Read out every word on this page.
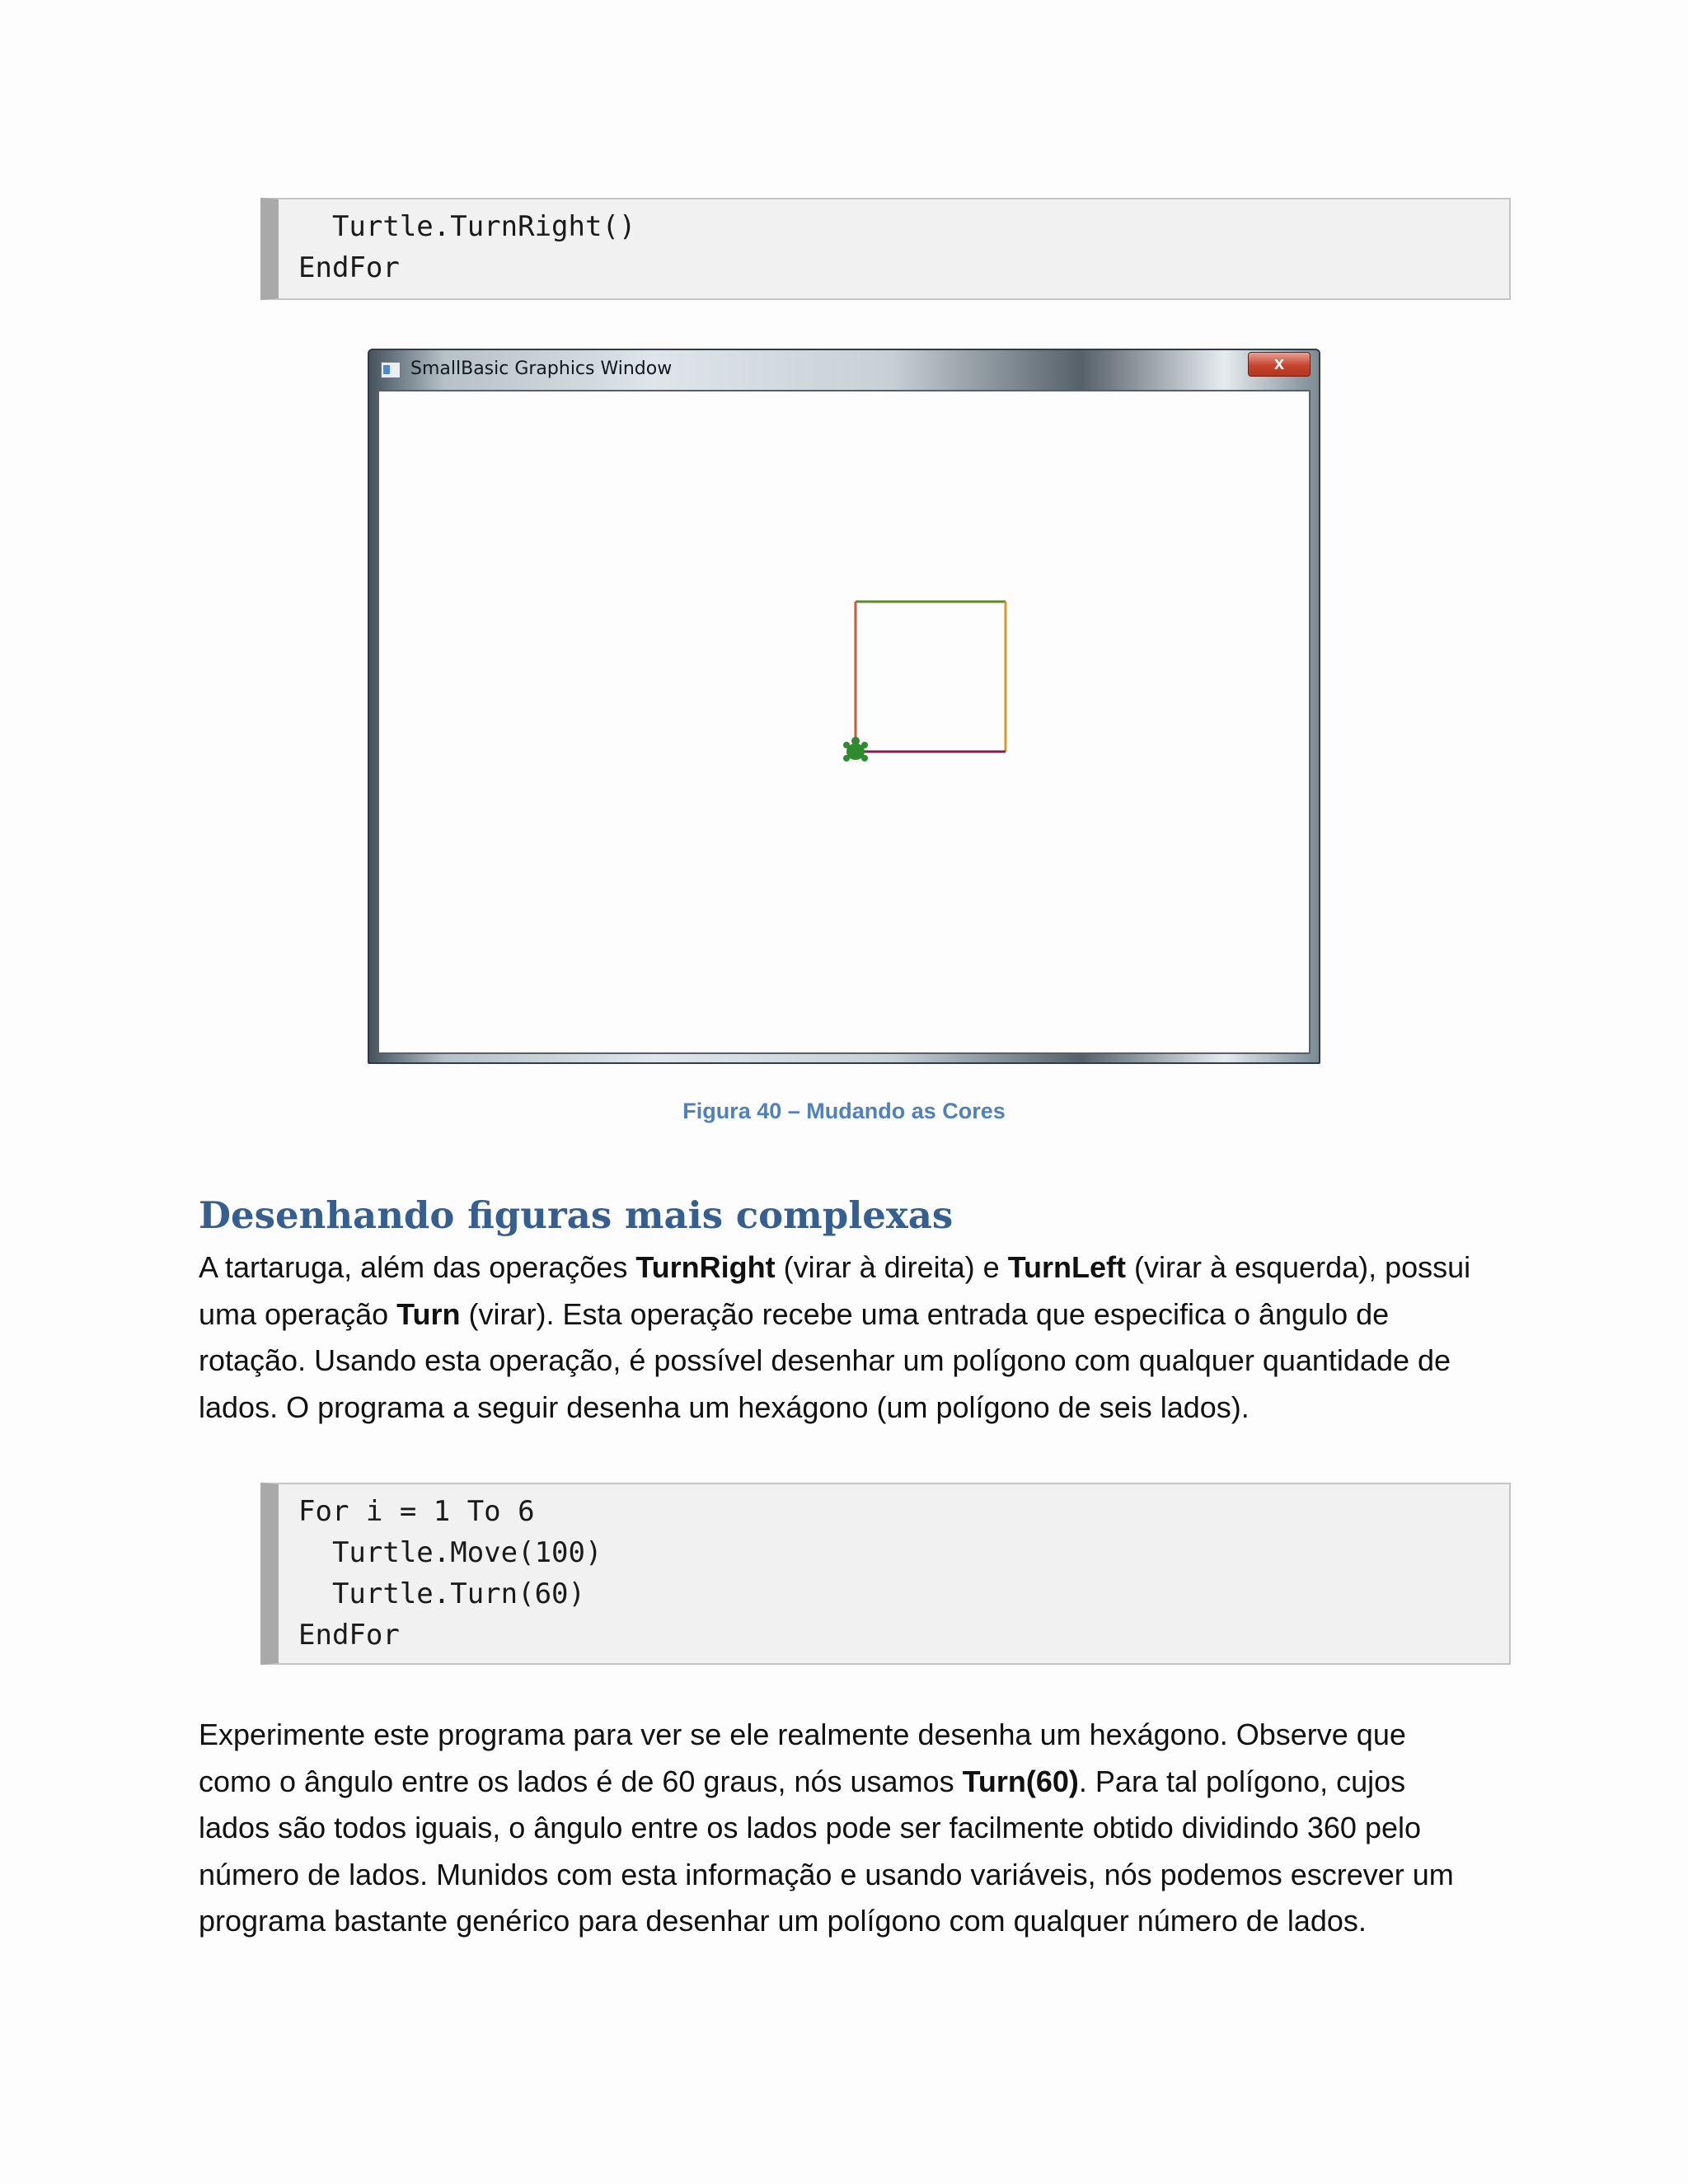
Turtle.TurnRight()
EndFor
SmallBasic Graphics Window	x
Figura 40 – Mudando as Cores
Desenhando figuras mais complexas
A tartaruga, além das operações TurnRight (virar à direita) e TurnLeft (virar à esquerda), possui
uma operação Turn (virar). Esta operação recebe uma entrada que especifica o ângulo de
rotação. Usando esta operação, é possível desenhar um polígono com qualquer quantidade de
lados. O programa a seguir desenha um hexágono (um polígono de seis lados).
For i = 1 To 6
Turtle.Move(100)
Turtle.Turn(60)
EndFor
Experimente este programa para ver se ele realmente desenha um hexágono. Observe que
como o ângulo entre os lados é de 60 graus, nós usamos Turn(60). Para tal polígono, cujos
lados são todos iguais, o ângulo entre os lados pode ser facilmente obtido dividindo 360 pelo
número de lados. Munidos com esta informação e usando variáveis, nós podemos escrever um
programa bastante genérico para desenhar um polígono com qualquer número de lados.
